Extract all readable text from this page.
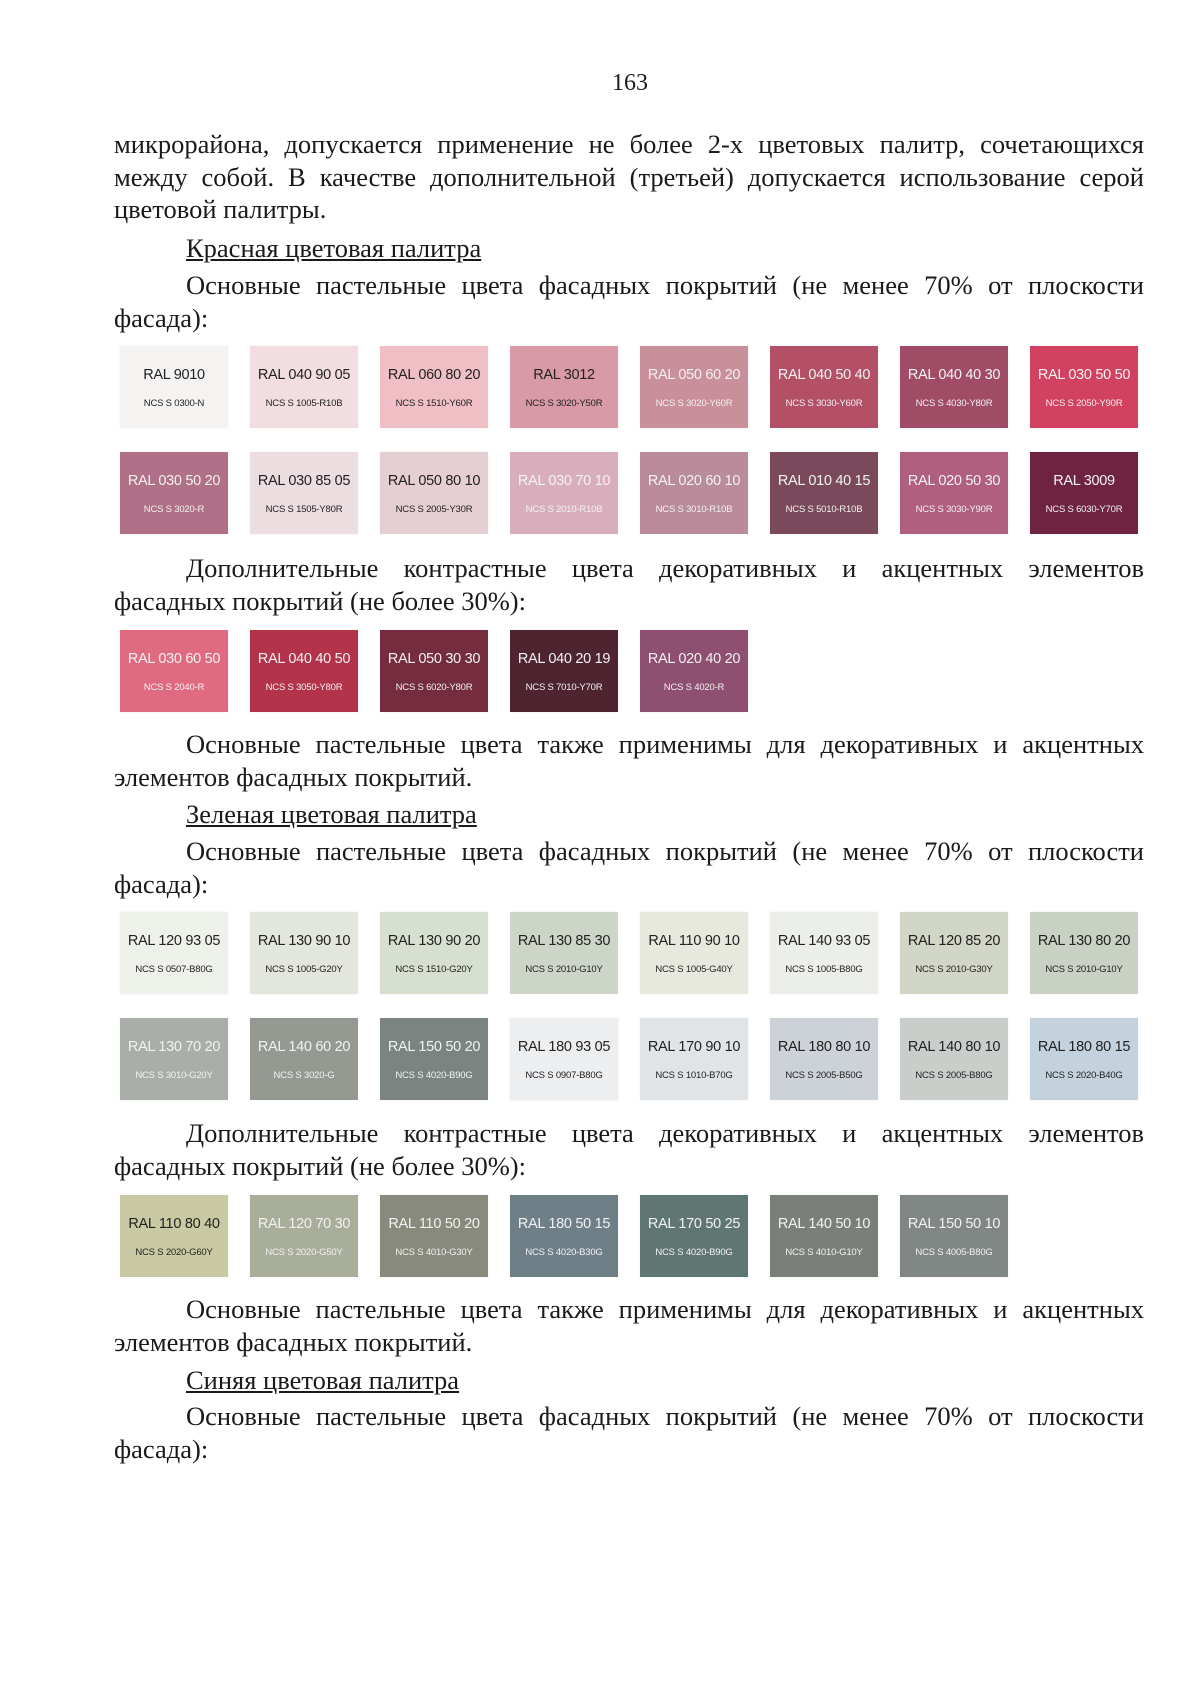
163
микрорайона, допускается применение не более 2-х цветовых палитр, сочетающихся между собой. В качестве дополнительной (третьей) допускается использование серой цветовой палитры.
Красная цветовая палитра
Основные пастельные цвета фасадных покрытий (не менее 70% от плоскости фасада):
RAL 9010
NCS S 0300-N
RAL 040 90 05
NCS S 1005-R10B
RAL 060 80 20
NCS S 1510-Y60R
RAL 3012
NCS S 3020-Y50R
RAL 050 60 20
NCS S 3020-Y60R
RAL 040 50 40
NCS S 3030-Y60R
RAL 040 40 30
NCS S 4030-Y80R
RAL 030 50 50
NCS S 2050-Y90R
RAL 030 50 20
NCS S 3020-R
RAL 030 85 05
NCS S 1505-Y80R
RAL 050 80 10
NCS S 2005-Y30R
RAL 030 70 10
NCS S 2010-R10B
RAL 020 60 10
NCS S 3010-R10B
RAL 010 40 15
NCS S 5010-R10B
RAL 020 50 30
NCS S 3030-Y90R
RAL 3009
NCS S 6030-Y70R
Дополнительные контрастные цвета декоративных и акцентных элементов фасадных покрытий (не более 30%):
RAL 030 60 50
NCS S 2040-R
RAL 040 40 50
NCS S 3050-Y80R
RAL 050 30 30
NCS S 6020-Y80R
RAL 040 20 19
NCS S 7010-Y70R
RAL 020 40 20
NCS S 4020-R
Основные пастельные цвета также применимы для декоративных и акцентных элементов фасадных покрытий.
Зеленая цветовая палитра
Основные пастельные цвета фасадных покрытий (не менее 70% от плоскости фасада):
RAL 120 93 05
NCS S 0507-B80G
RAL 130 90 10
NCS S 1005-G20Y
RAL 130 90 20
NCS S 1510-G20Y
RAL 130 85 30
NCS S 2010-G10Y
RAL 110 90 10
NCS S 1005-G40Y
RAL 140 93 05
NCS S 1005-B80G
RAL 120 85 20
NCS S 2010-G30Y
RAL 130 80 20
NCS S 2010-G10Y
RAL 130 70 20
NCS S 3010-G20Y
RAL 140 60 20
NCS S 3020-G
RAL 150 50 20
NCS S 4020-B90G
RAL 180 93 05
NCS S 0907-B80G
RAL 170 90 10
NCS S 1010-B70G
RAL 180 80 10
NCS S 2005-B50G
RAL 140 80 10
NCS S 2005-B80G
RAL 180 80 15
NCS S 2020-B40G
Дополнительные контрастные цвета декоративных и акцентных элементов фасадных покрытий (не более 30%):
RAL 110 80 40
NCS S 2020-G60Y
RAL 120 70 30
NCS S 2020-G50Y
RAL 110 50 20
NCS S 4010-G30Y
RAL 180 50 15
NCS S 4020-B30G
RAL 170 50 25
NCS S 4020-B90G
RAL 140 50 10
NCS S 4010-G10Y
RAL 150 50 10
NCS S 4005-B80G
Основные пастельные цвета также применимы для декоративных и акцентных элементов фасадных покрытий.
Синяя цветовая палитра
Основные пастельные цвета фасадных покрытий (не менее 70% от плоскости фасада):
